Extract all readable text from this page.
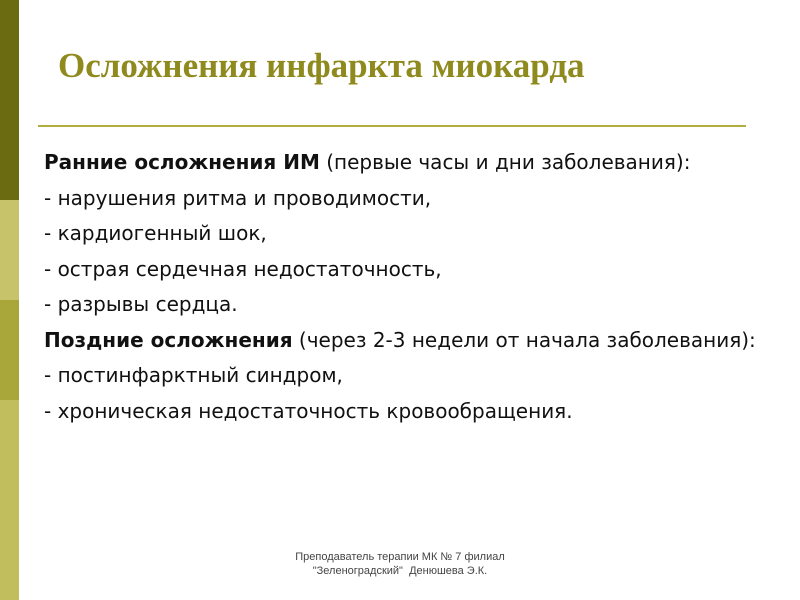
Осложнения инфаркта миокарда

Ранние осложнения ИМ (первые часы и дни заболевания):

- нарушения ритма и проводимости,

- кардиогенный шок,

- острая сердечная недостаточность,

- разрывы сердца.

Поздние осложнения (через 2-3 недели от начала заболевания):

- постинфарктный синдром,

- хроническая недостаточность кровообращения.

Преподаватель терапии МК № 7 филиал
"Зеленоградский"  Денюшева Э.К.
